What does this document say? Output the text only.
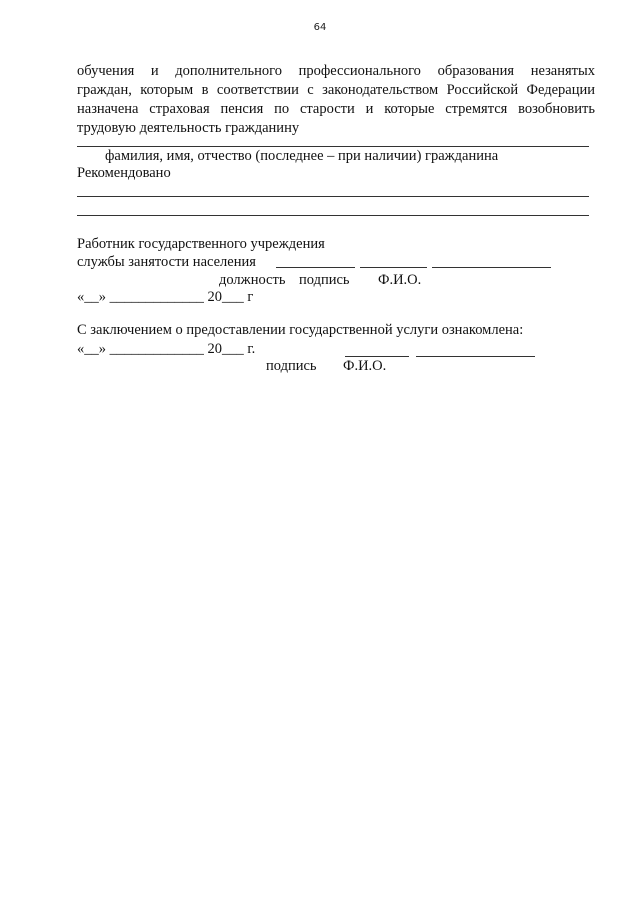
64
обучения и дополнительного профессионального образования незанятых
граждан, которым в соответствии с законодательством Российской Федерации
назначена страховая пенсия по старости и которые стремятся возобновить
трудовую деятельность гражданину
фамилия, имя, отчество (последнее – при наличии) гражданина
Рекомендовано
Работник государственного учреждения
службы занятости населения
должность подпись Ф.И.О.
«__» _____________ 20___ г
С заключением о предоставлении государственной услуги ознакомлена:
«__» _____________ 20___ г.
подпись Ф.И.О.
